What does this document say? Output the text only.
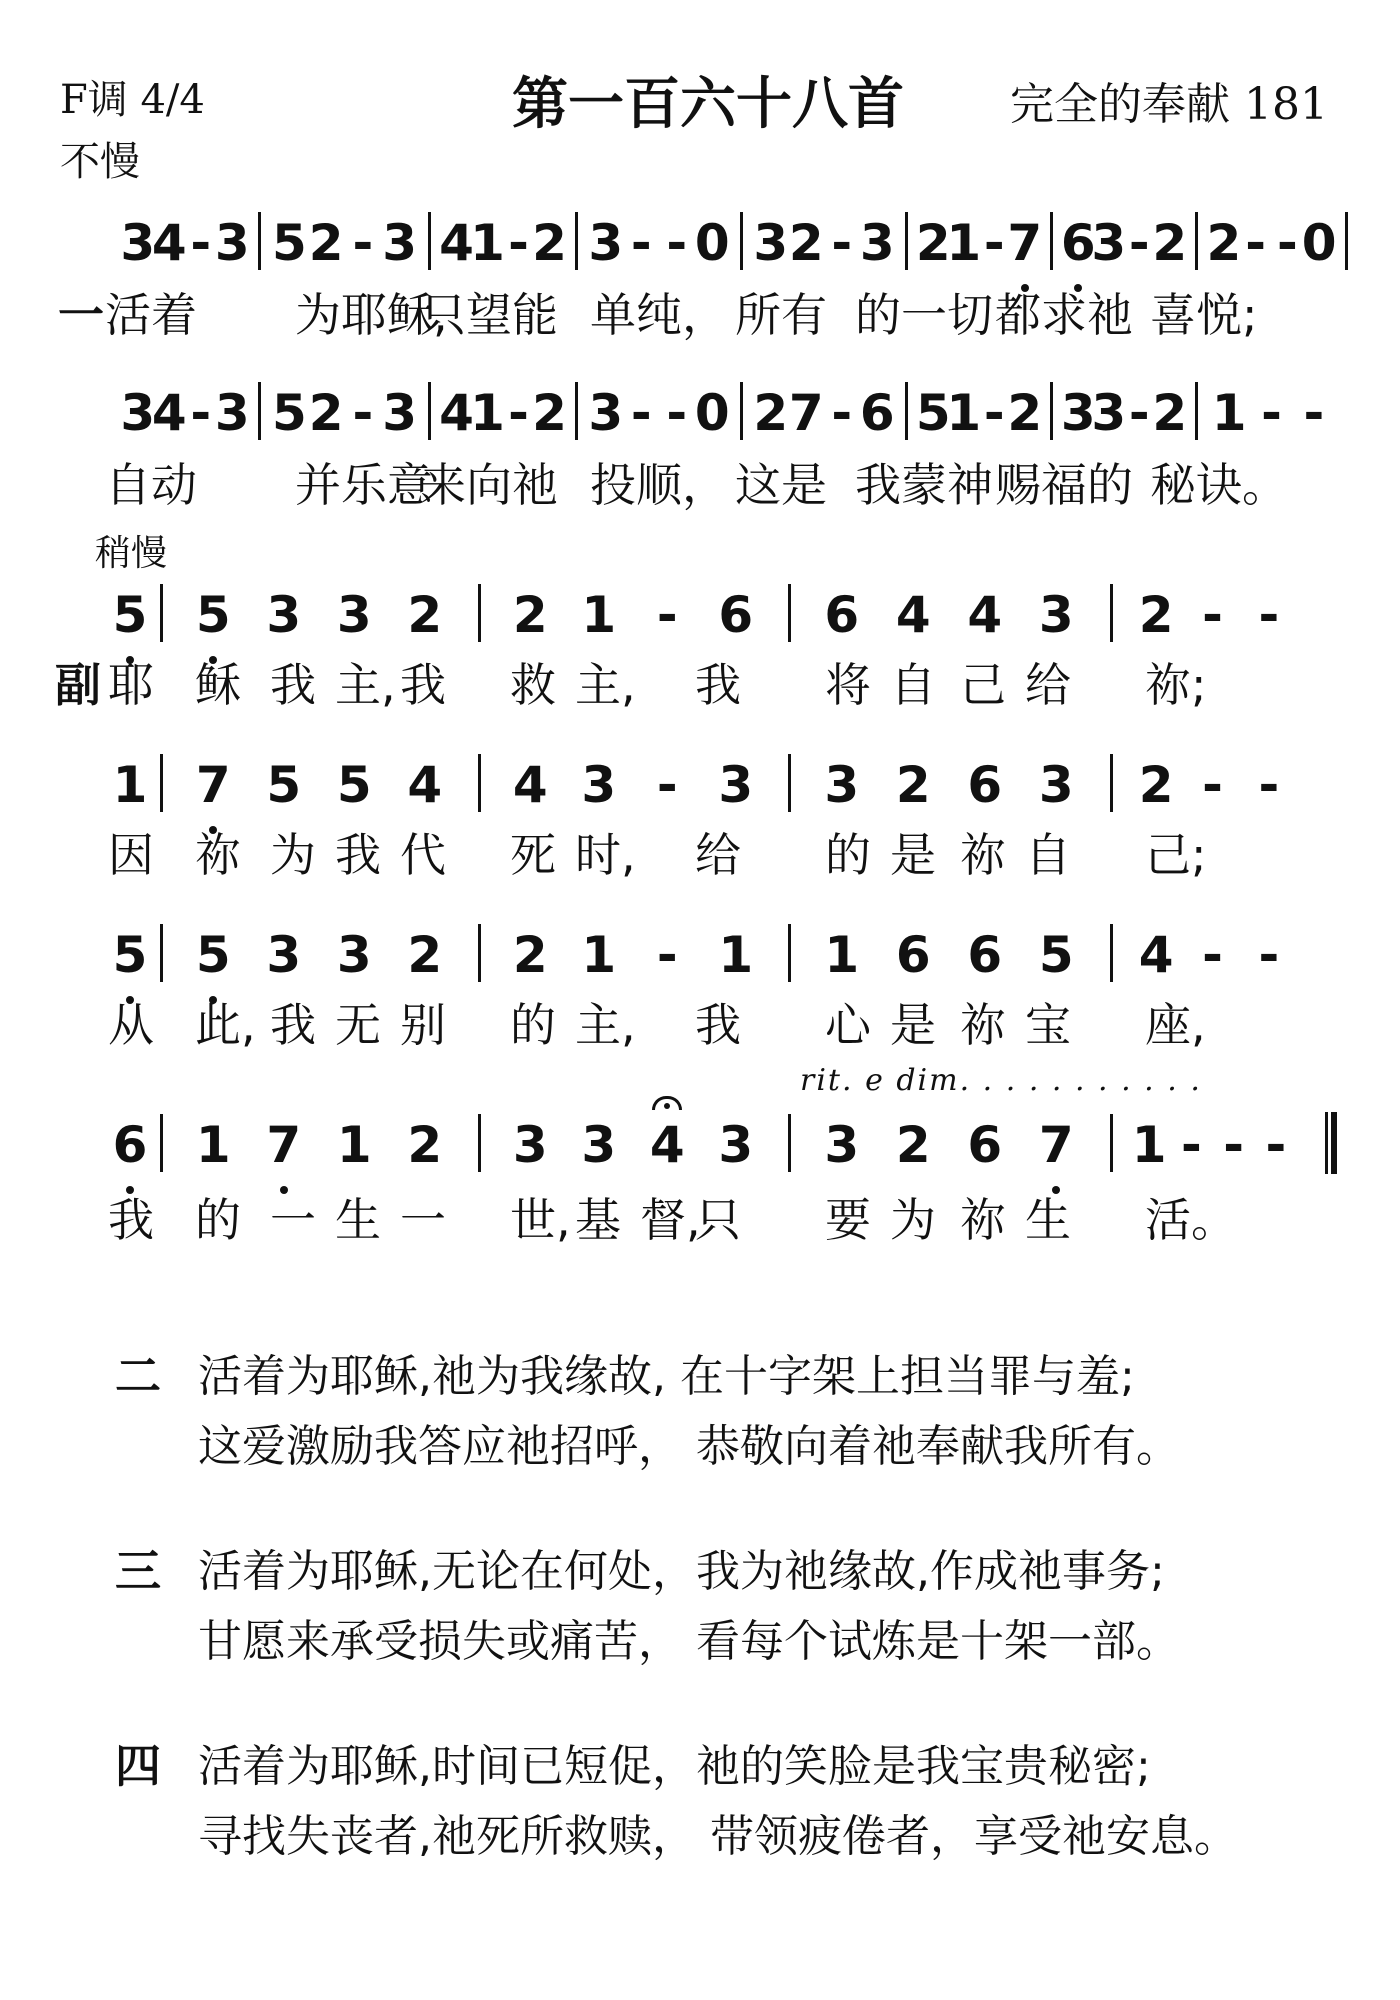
F调 4/4
不慢
第一百六十八首 完全的奉献 181
稍慢
rit. e dim. . . . . . . . . . .
3
4 - 3 5 2 - 3 4
1 - 2 3 - - 0 3 2 - 3 2
1 - 7 6
3 - 2 2 - - 0
3
4 - 3 5 2 - 3 4
1 - 2 3 - - 0 2 7 - 6 5
1 - 2 3
3 - 2 1 - -
5 5 3 3 2 2 1 - 6 6 4 4 3 2 - -
1 7 5 5 4 4 3 - 3 3 2 6 3 2 - -
5 5 3 3 2 2 1 - 1 1 6 6 5 4 - -
6 1 7 1 2 3 3 4 3 3 2 6 7 1 - - -
一 活着 为耶稣,
只望能 单纯， 所有 的一切 都求祂 喜悦;
自动 并乐意
来向祂 投顺， 这是 我蒙神 赐福的 秘诀。
副 耶 稣 我 主, 我 救 主, 我 将 自 己 给 祢;
因 祢 为 我 代 死 时, 给 的 是 祢 自 己;
从 此, 我 无 别 的 主, 我 心 是 祢 宝 座,
我 的 一 生 一 世, 基 督,
只 要 为 祢 生 活。
二 活着为耶稣,祂为我缘故, 在十字架上担当罪与羞;
这爱激励我答应祂招呼， 恭敬向着祂奉献我所有。
三 活着为耶稣,无论在何处，我为祂缘故,作成祂事务;
甘愿来承受损失或痛苦， 看每个试炼是十架一部。
四 活着为耶稣,时间已短促，祂的笑脸是我宝贵秘密;
寻找失丧者,祂死所救赎， 带领疲倦者，享受祂安息。
